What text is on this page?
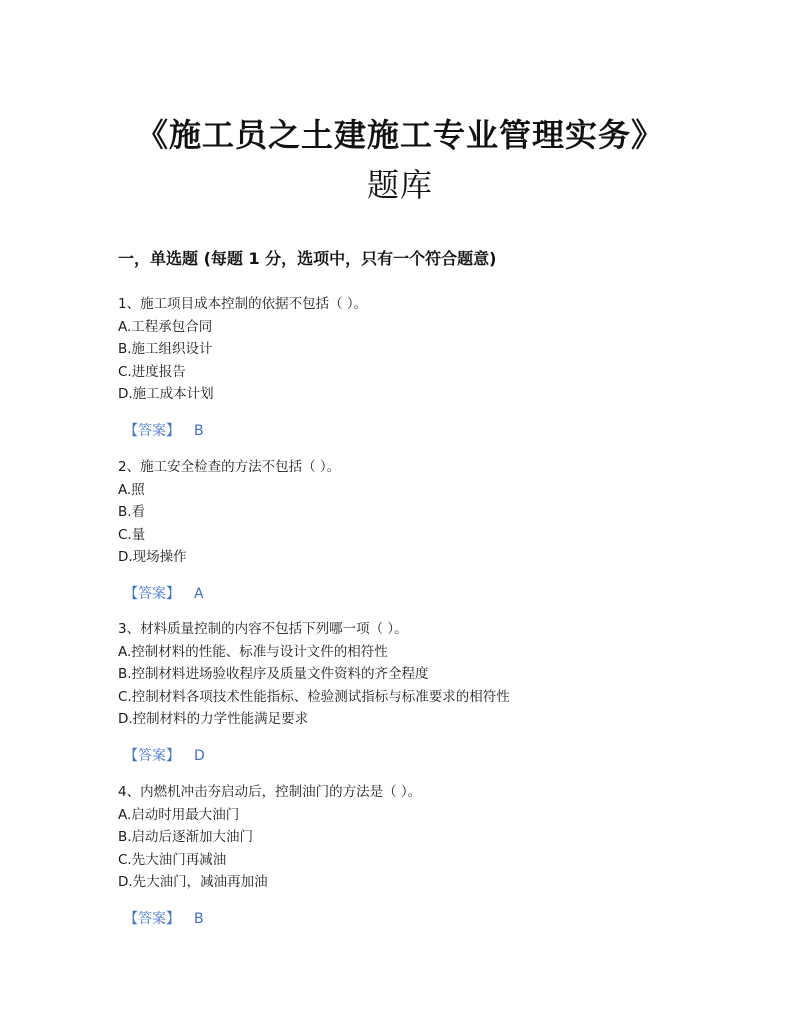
《施工员之土建施工专业管理实务》
题库
一，单选题 (每题 1 分，选项中，只有一个符合题意)
1、施工项目成本控制的依据不包括（ ）。
A.工程承包合同
B.施工组织设计
C.进度报告
D.施工成本计划
【答案】 B
2、施工安全检查的方法不包括（ ）。
A.照
B.看
C.量
D.现场操作
【答案】 A
3、材料质量控制的内容不包括下列哪一项（ ）。
A.控制材料的性能、标准与设计文件的相符性
B.控制材料进场验收程序及质量文件资料的齐全程度
C.控制材料各项技术性能指标、检验测试指标与标准要求的相符性
D.控制材料的力学性能满足要求
【答案】 D
4、内燃机冲击夯启动后，控制油门的方法是（ ）。
A.启动时用最大油门
B.启动后逐渐加大油门
C.先大油门再减油
D.先大油门，减油再加油
【答案】 B
